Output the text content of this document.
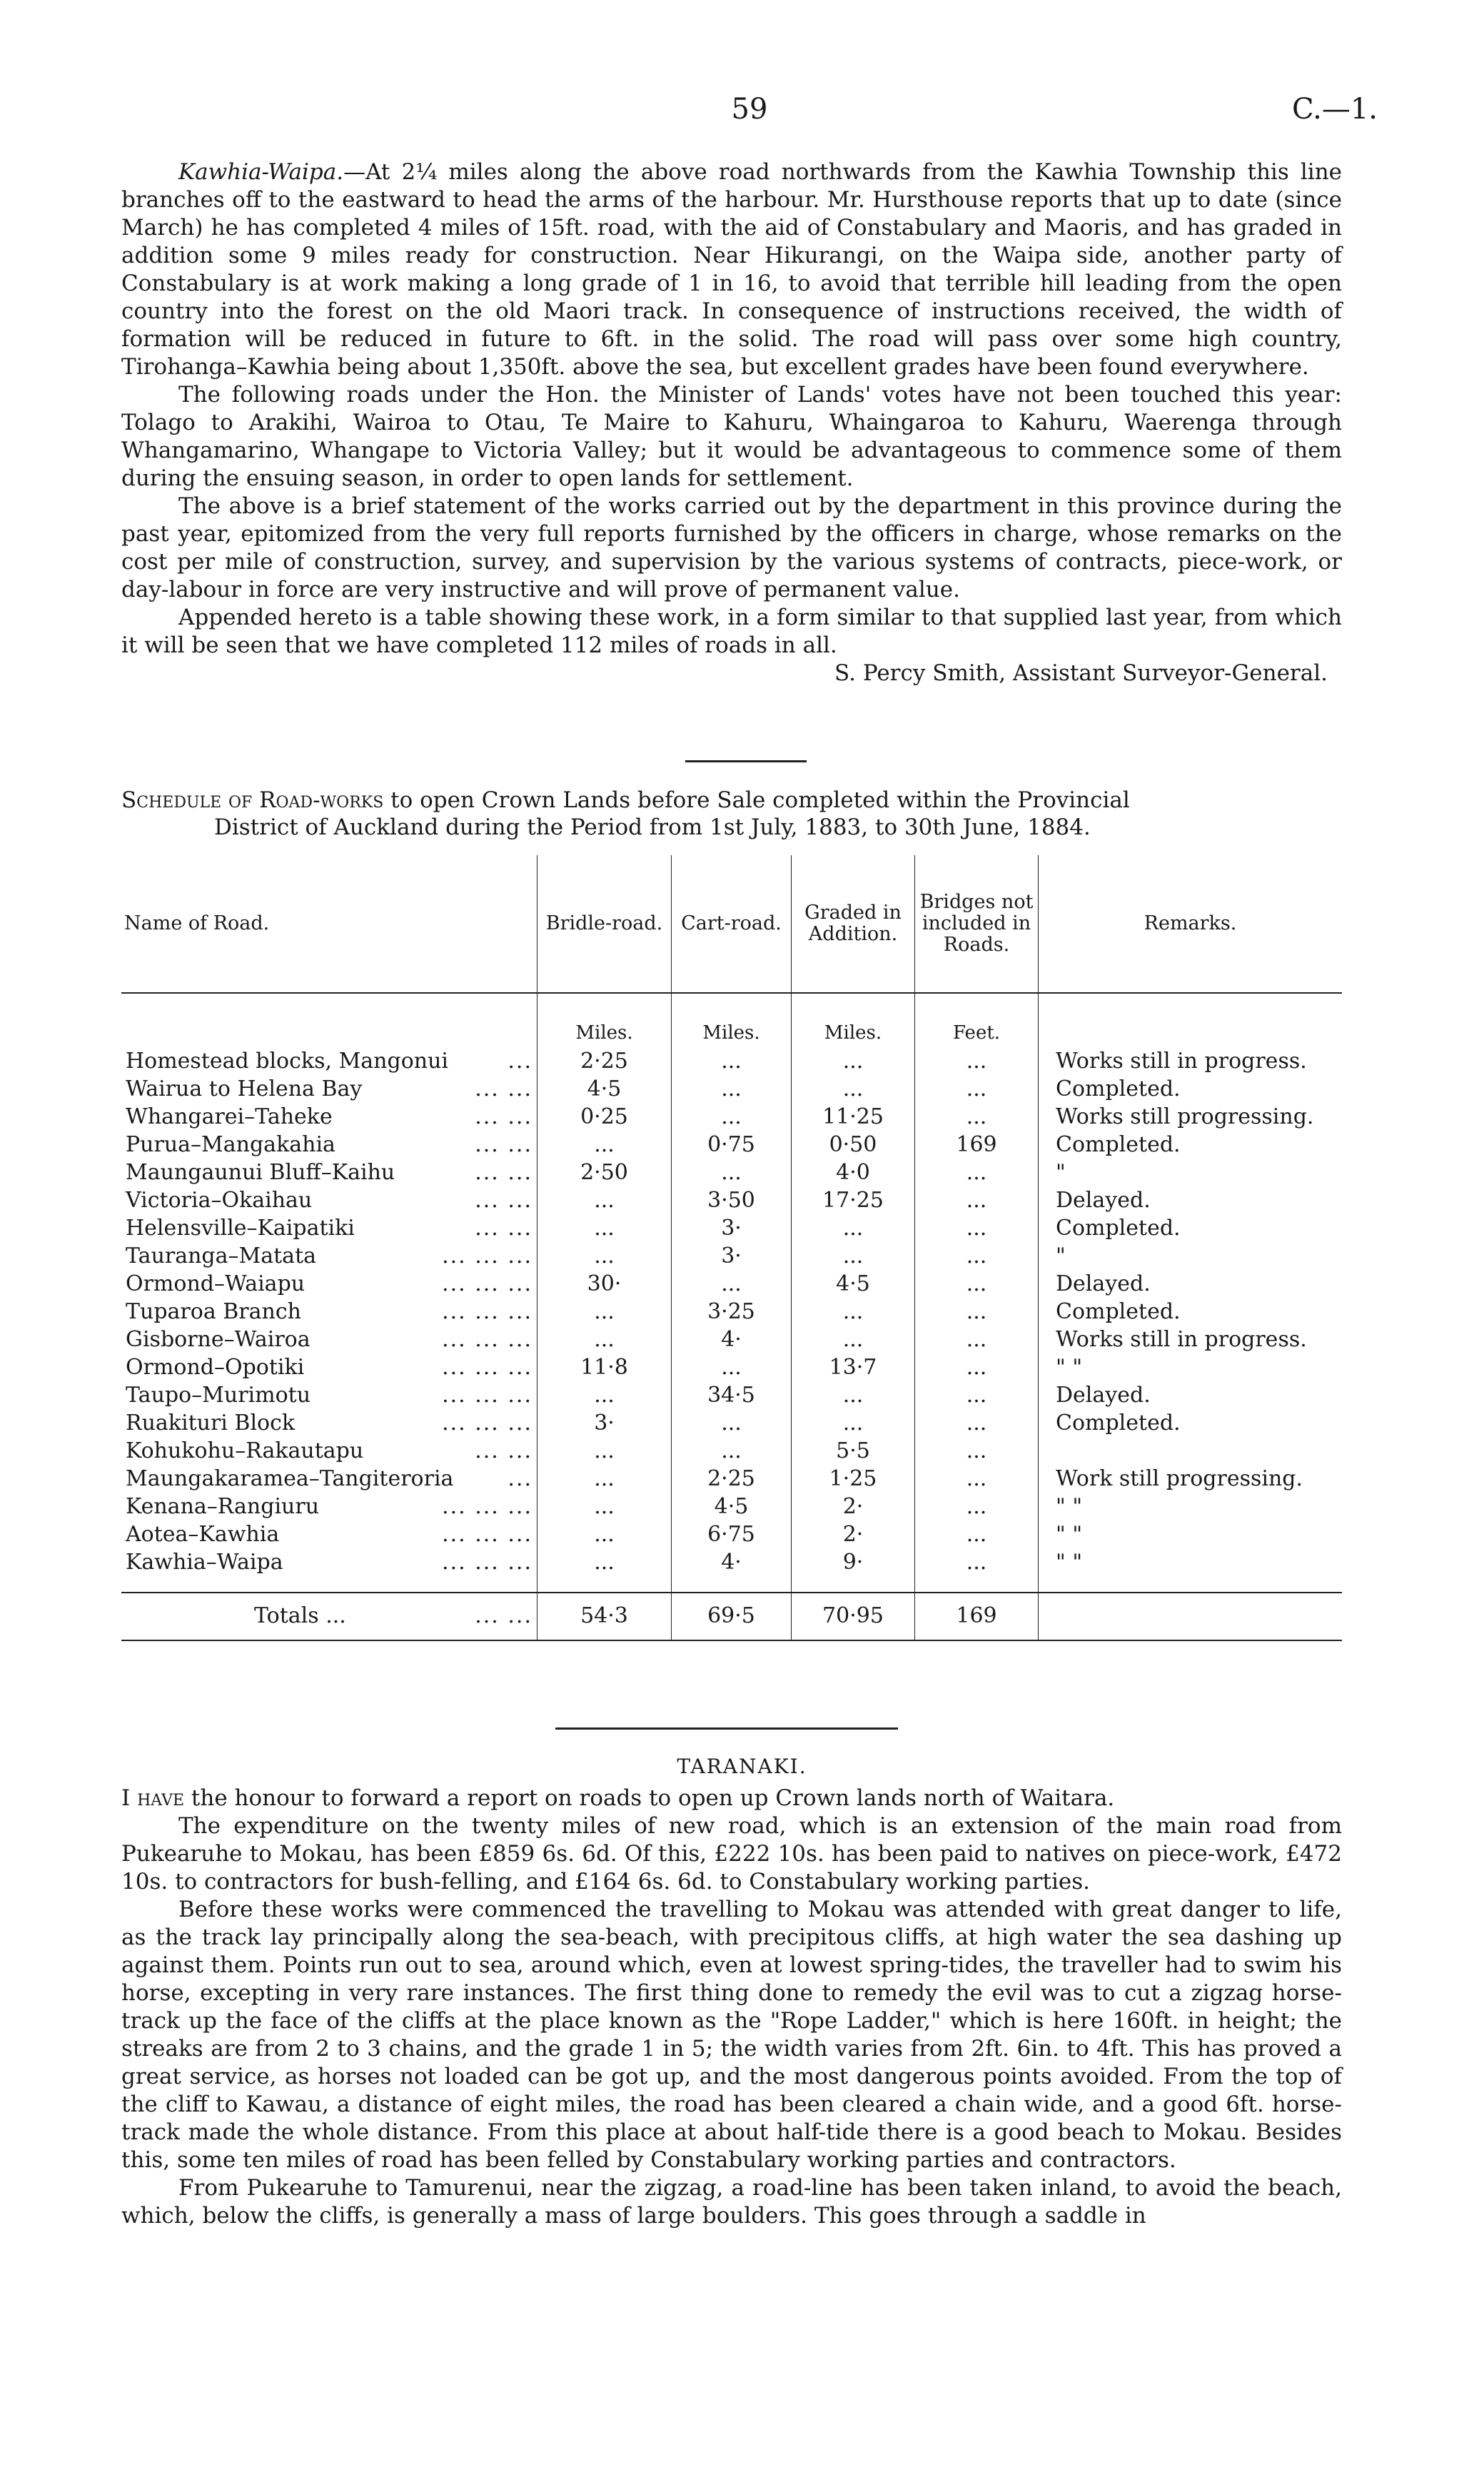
59	C.—1.

Kawhia-Waipa.—At 2¼ miles along the above road northwards from the Kawhia Township this line branches off to the eastward to head the arms of the harbour. Mr. Hursthouse reports that up to date (since March) he has completed 4 miles of 15ft. road, with the aid of Constabulary and Maoris, and has graded in addition some 9 miles ready for construction. Near Hikurangi, on the Waipa side, another party of Constabulary is at work making a long grade of 1 in 16, to avoid that terrible hill leading from the open country into the forest on the old Maori track. In consequence of instructions received, the width of formation will be reduced in future to 6ft. in the solid. The road will pass over some high country, Tirohanga–Kawhia being about 1,350ft. above the sea, but excellent grades have been found everywhere.

The following roads under the Hon. the Minister of Lands' votes have not been touched this year: Tolago to Arakihi, Wairoa to Otau, Te Maire to Kahuru, Whaingaroa to Kahuru, Waerenga through Whangamarino, Whangape to Victoria Valley; but it would be advantageous to commence some of them during the ensuing season, in order to open lands for settlement.

The above is a brief statement of the works carried out by the department in this province during the past year, epitomized from the very full reports furnished by the officers in charge, whose remarks on the cost per mile of construction, survey, and supervision by the various systems of contracts, piece-work, or day-labour in force are very instructive and will prove of permanent value.

Appended hereto is a table showing these work, in a form similar to that supplied last year, from which it will be seen that we have completed 112 miles of roads in all.

S. Percy Smith, Assistant Surveyor-General.

Schedule of Road-works to open Crown Lands before Sale completed within the Provincial

District of Auckland during the Period from 1st July, 1883, to 30th June, 1884.

Name of Road.	Bridle-road.	Cart-road.	Graded in Addition.	Bridges not included in Roads.	Remarks.
	Miles.	Miles.	Miles.	Feet.	

Homestead blocks, Mangonui ...	2·25	...	...	...	Works still in progress.

Wairua to Helena Bay ... ...	4·5	...	...	...	Completed.

Whangarei–Taheke ... ...	0·25	...	11·25	...	Works still progressing.

Purua–Mangakahia ... ...	...	0·75	0·50	169	Completed.

Maungaunui Bluff–Kaihu ... ...	2·50	...	4·0	...	"

Victoria–Okaihau ... ...	...	3·50	17·25	...	Delayed.

Helensville–Kaipatiki ... ...	...	3·	...	...	Completed.

Tauranga–Matata ... ... ...	...	3·	...	...	"

Ormond–Waiapu ... ... ...	30·	...	4·5	...	Delayed.

Tuparoa Branch ... ... ...	...	3·25	...	...	Completed.

Gisborne–Wairoa ... ... ...	...	4·	...	...	Works still in progress.

Ormond–Opotiki ... ... ...	11·8	...	13·7	...	" "

Taupo–Murimotu ... ... ...	...	34·5	...	...	Delayed.

Ruakituri Block ... ... ...	3·	...	...	...	Completed.

Kohukohu–Rakautapu ... ...	...	...	5·5	...	

Maungakaramea–Tangiteroria ...	...	2·25	1·25	...	Work still progressing.

Kenana–Rangiuru ... ... ...	...	4·5	2·	...	" "

Aotea–Kawhia ... ... ...	...	6·75	2·	...	" "

Kawhia–Waipa ... ... ...	...	4·	9·	...	" "

Totals ... ... ...	54·3	69·5	70·95	169	
TARANAKI.

I have the honour to forward a report on roads to open up Crown lands north of Waitara.

The expenditure on the twenty miles of new road, which is an extension of the main road from Pukearuhe to Mokau, has been £859 6s. 6d. Of this, £222 10s. has been paid to natives on piece-work, £472 10s. to contractors for bush-felling, and £164 6s. 6d. to Constabulary working parties.

Before these works were commenced the travelling to Mokau was attended with great danger to life, as the track lay principally along the sea-beach, with precipitous cliffs, at high water the sea dashing up against them. Points run out to sea, around which, even at lowest spring-tides, the traveller had to swim his horse, excepting in very rare instances. The first thing done to remedy the evil was to cut a zigzag horse-track up the face of the cliffs at the place known as the "Rope Ladder," which is here 160ft. in height; the streaks are from 2 to 3 chains, and the grade 1 in 5; the width varies from 2ft. 6in. to 4ft. This has proved a great service, as horses not loaded can be got up, and the most dangerous points avoided. From the top of the cliff to Kawau, a distance of eight miles, the road has been cleared a chain wide, and a good 6ft. horse-track made the whole distance. From this place at about half-tide there is a good beach to Mokau. Besides this, some ten miles of road has been felled by Constabulary working parties and contractors.

From Pukearuhe to Tamurenui, near the zigzag, a road-line has been taken inland, to avoid the beach, which, below the cliffs, is generally a mass of large boulders. This goes through a saddle in
